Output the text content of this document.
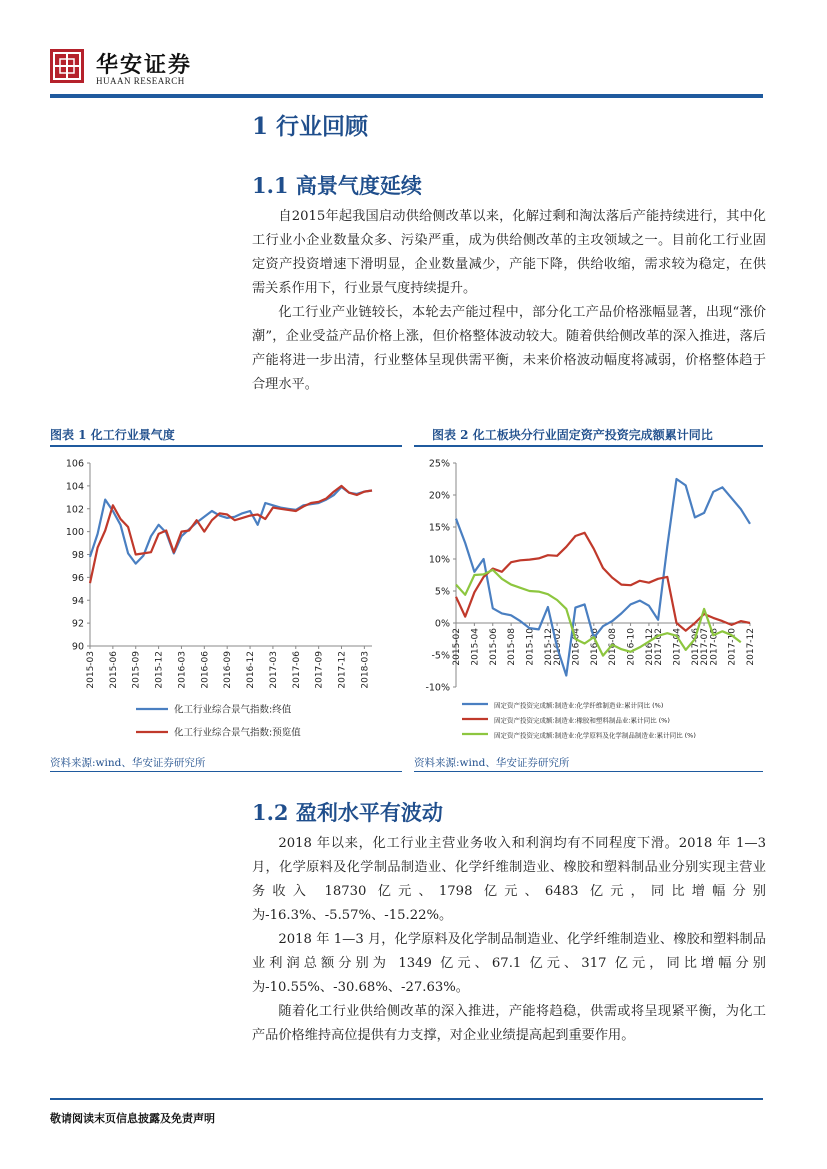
华安证券
HUAAN RESEARCH
1 行业回顾
1.1 高景气度延续

自2015年起我国启动供给侧改革以来，化解过剩和淘汰落后产能持续进行，其中化工行业小企业数量众多、污染严重，成为供给侧改革的主攻领域之一。目前化工行业固定资产投资增速下滑明显，企业数量减少，产能下降，供给收缩，需求较为稳定，在供需关系作用下，行业景气度持续提升。

化工行业产业链较长，本轮去产能过程中，部分化工产品价格涨幅显著，出现“涨价潮”，企业受益产品价格上涨，但价格整体波动较大。随着供给侧改革的深入推进，落后产能将进一步出清，行业整体呈现供需平衡，未来价格波动幅度将减弱，价格整体趋于合理水平。

图表 1 化工行业景气度	图表 2 化工板块分行业固定资产投资完成额累计同比
90
92
94
96
98
100
102
104
106
2015-03 2015-06 2015-09 2015-12 2016-03 2016-06 2016-09 2016-12 2017-03 2017-06 2017-09 2017-12 2018-03
化工行业综合景气指数:终值
化工行业综合景气指数:预览值
-10%
-5%
0%
5%
10%
15%
20%
25%
2015-02 2015-04 2015-06 2015-08 2015-10 2015-12 2016-02 2016-04 2016-06 2016-08 2016-10 2016-12 2017-02 2017-04 2017-06 2017-07 2017-08 2017-10 2017-12
固定资产投资完成额:制造业:化学纤维制造业:累计同比 (%)
固定资产投资完成额:制造业:橡胶和塑料制品业:累计同比 (%)
固定资产投资完成额:制造业:化学原料及化学制品制造业:累计同比 (%)
资料来源:wind、华安证券研究所	资料来源:wind、华安证券研究所
1.2 盈利水平有波动

2018 年以来，化工行业主营业务收入和利润均有不同程度下滑。2018 年 1—3 月，化学原料及化学制品制造业、化学纤维制造业、橡胶和塑料制品业分别实现主营业务收入 18730 亿元、1798 亿元、6483 亿元，同比增幅分别为-16.3%、-5.57%、-15.22%。

2018 年 1—3 月，化学原料及化学制品制造业、化学纤维制造业、橡胶和塑料制品业利润总额分别为 1349 亿元、67.1 亿元、317 亿元，同比增幅分别为-10.55%、-30.68%、-27.63%。

随着化工行业供给侧改革的深入推进，产能将趋稳，供需或将呈现紧平衡，为化工产品价格维持高位提供有力支撑，对企业业绩提高起到重要作用。

敬请阅读末页信息披露及免责声明
